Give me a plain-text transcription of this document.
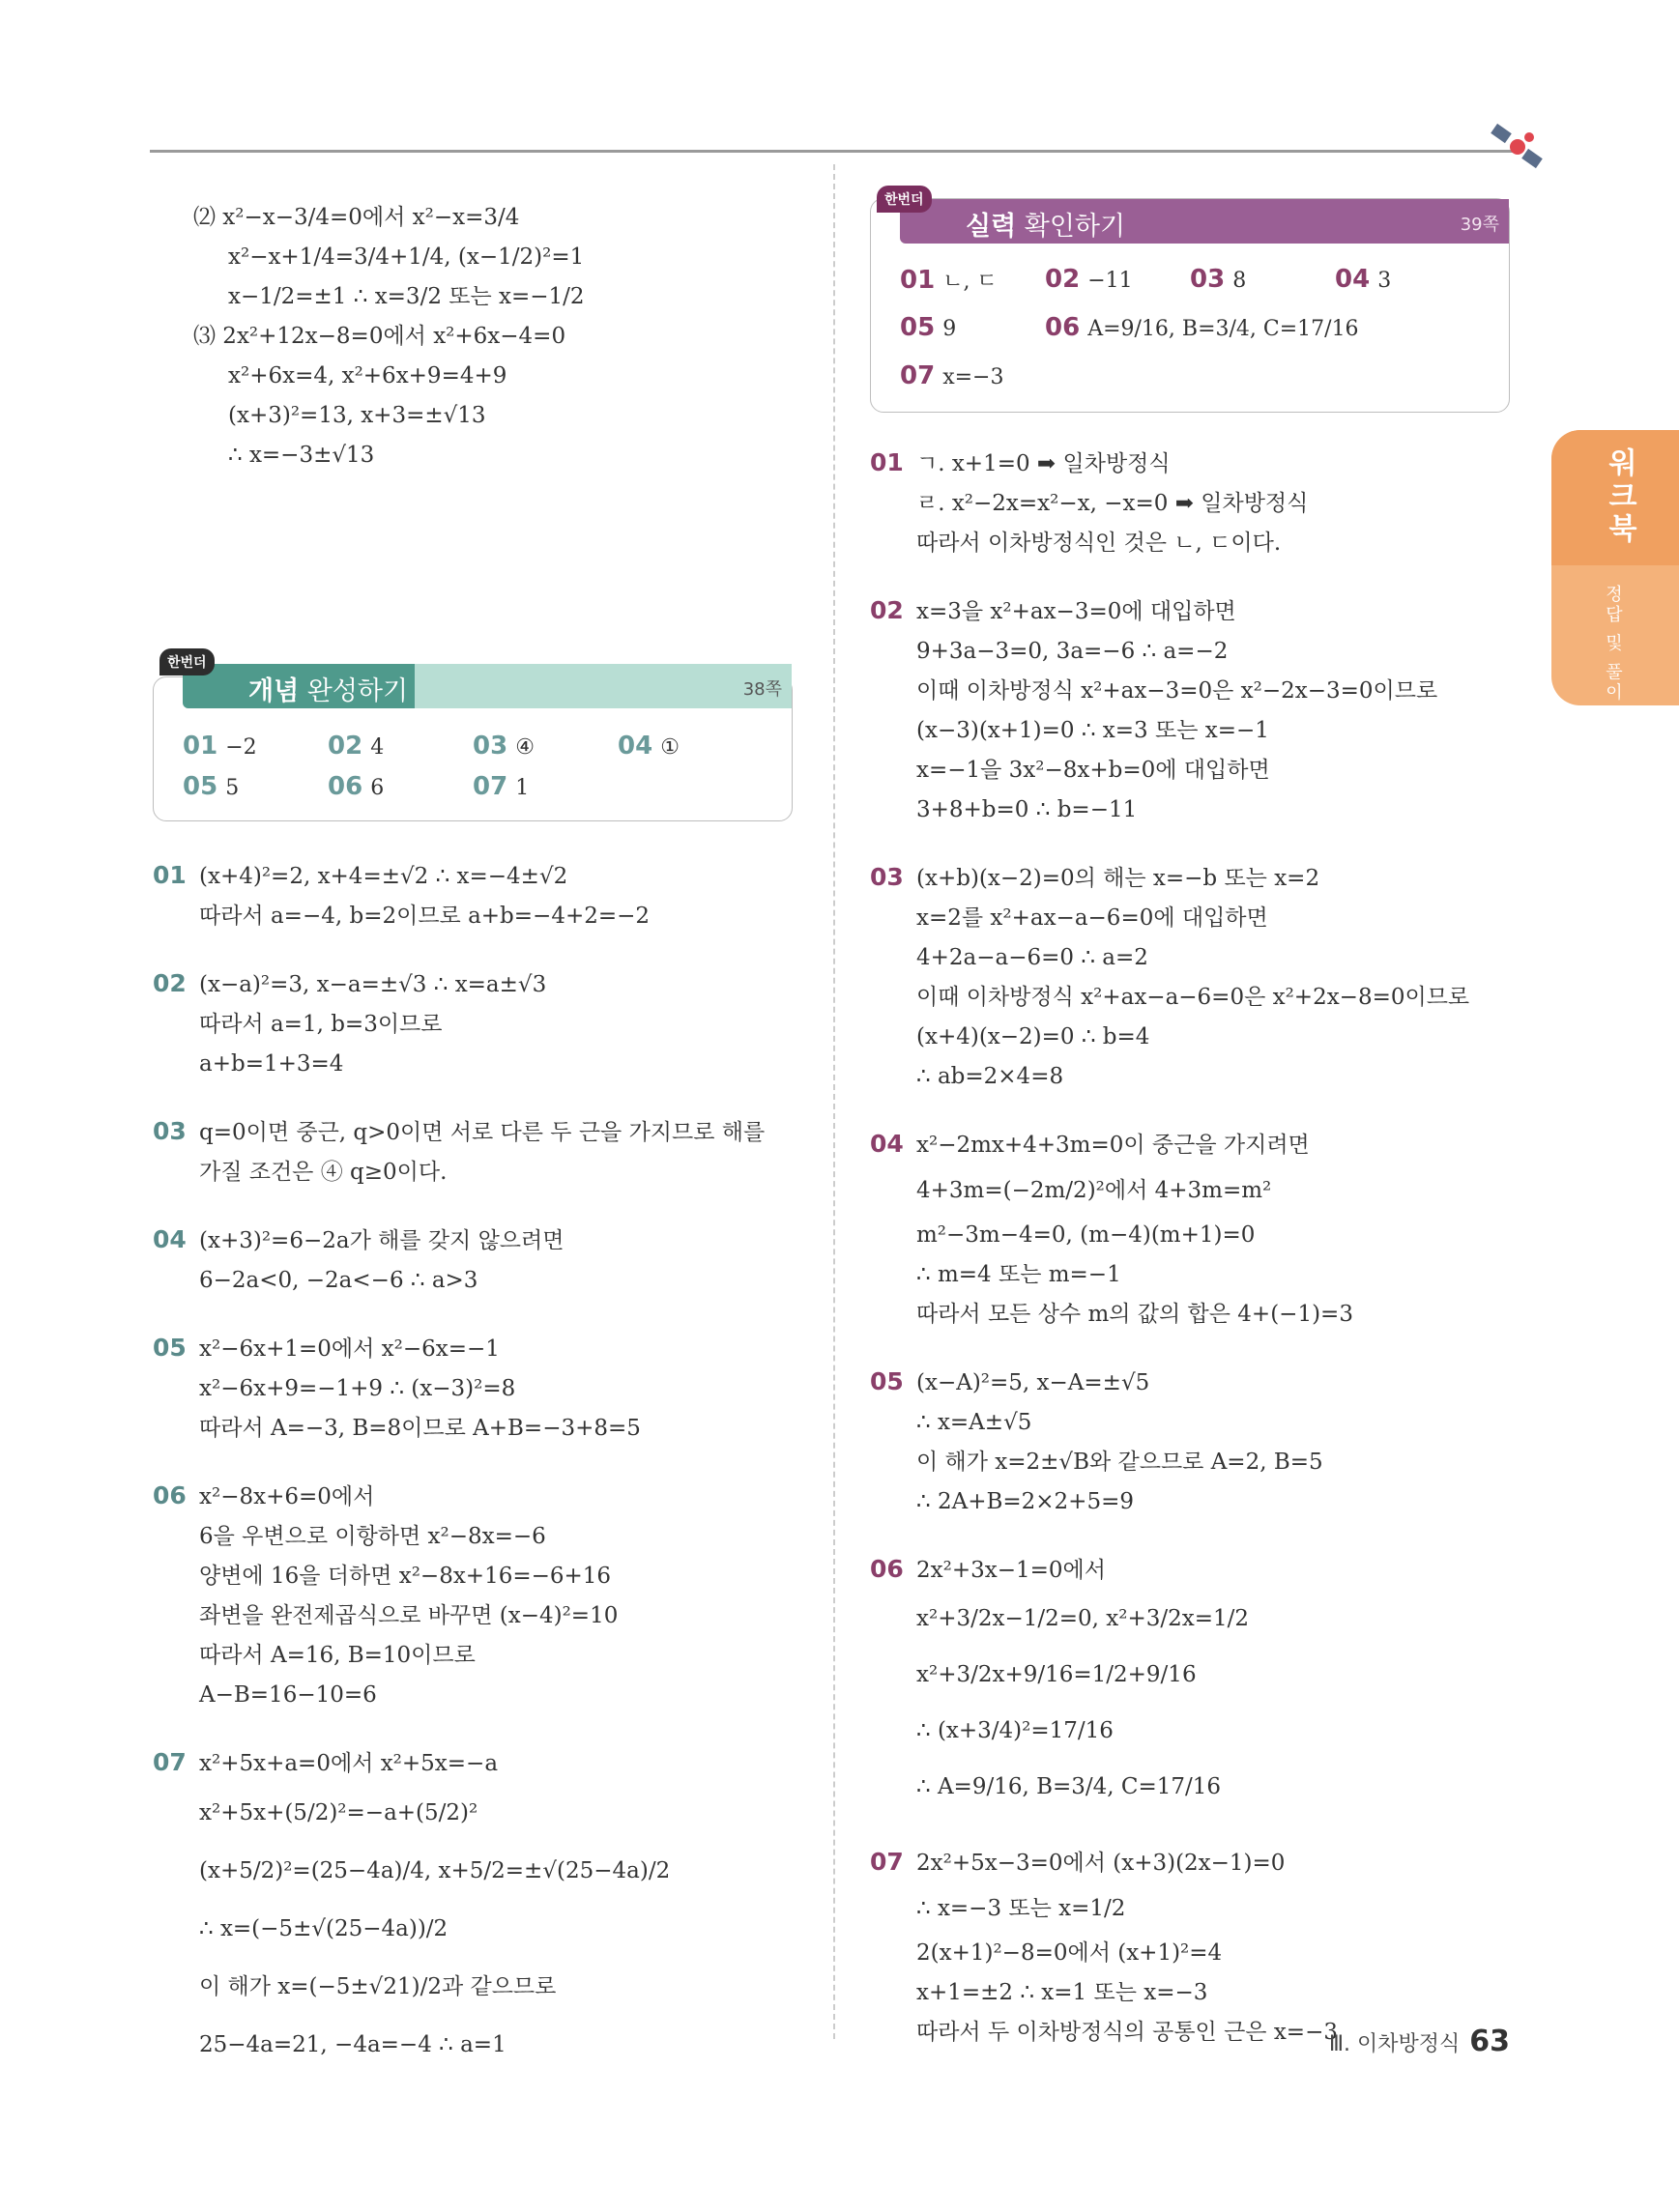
⑵ x²−x−3/4=0에서 x²−x=3/4
x²−x+1/4=3/4+1/4, (x−1/2)²=1
x−1/2=±1 ∴ x=3/2 또는 x=−1/2
⑶ 2x²+12x−8=0에서 x²+6x−4=0
x²+6x=4, x²+6x+9=4+9
(x+3)²=13, x+3=±√13
∴ x=−3±√13
개념 완성하기	38쪽
한번더
01 −2	02 4	03 ④	04 ①
05 5	06 6	07 1
실력 확인하기	39쪽
한번더
01 ㄴ, ㄷ 02 −11 03 8	04 3
05 9	06 A=9/16, B=3/4, C=17/16
07 x=−3
01 (x+4)²=2, x+4=±√2 ∴ x=−4±√2
따라서 a=−4, b=2이므로 a+b=−4+2=−2
02 (x−a)²=3, x−a=±√3 ∴ x=a±√3
따라서 a=1, b=3이므로
a+b=1+3=4
03 q=0이면 중근, q>0이면 서로 다른 두 근을 가지므로 해를
가질 조건은 ④ q≥0이다.
04 (x+3)²=6−2a가 해를 갖지 않으려면
6−2a<0, −2a<−6 ∴ a>3
05 x²−6x+1=0에서 x²−6x=−1
x²−6x+9=−1+9 ∴ (x−3)²=8
따라서 A=−3, B=8이므로 A+B=−3+8=5
06 x²−8x+6=0에서
6을 우변으로 이항하면 x²−8x=−6
양변에 16을 더하면 x²−8x+16=−6+16
좌변을 완전제곱식으로 바꾸면 (x−4)²=10
따라서 A=16, B=10이므로
A−B=16−10=6
07 x²+5x+a=0에서 x²+5x=−a
x²+5x+(5/2)²=−a+(5/2)²
(x+5/2)²=(25−4a)/4, x+5/2=±√(25−4a)/2
∴ x=(−5±√(25−4a))/2
이 해가 x=(−5±√21)/2과 같으므로
25−4a=21, −4a=−4 ∴ a=1
01 ㄱ. x+1=0 ➡ 일차방정식
ㄹ. x²−2x=x²−x, −x=0 ➡ 일차방정식
따라서 이차방정식인 것은 ㄴ, ㄷ이다.
02 x=3을 x²+ax−3=0에 대입하면
9+3a−3=0, 3a=−6 ∴ a=−2
이때 이차방정식 x²+ax−3=0은 x²−2x−3=0이므로
(x−3)(x+1)=0 ∴ x=3 또는 x=−1
x=−1을 3x²−8x+b=0에 대입하면
3+8+b=0 ∴ b=−11
03 (x+b)(x−2)=0의 해는 x=−b 또는 x=2
x=2를 x²+ax−a−6=0에 대입하면
4+2a−a−6=0 ∴ a=2
이때 이차방정식 x²+ax−a−6=0은 x²+2x−8=0이므로
(x+4)(x−2)=0 ∴ b=4
∴ ab=2×4=8
04 x²−2mx+4+3m=0이 중근을 가지려면
4+3m=(−2m/2)²에서 4+3m=m²
m²−3m−4=0, (m−4)(m+1)=0
∴ m=4 또는 m=−1
따라서 모든 상수 m의 값의 합은 4+(−1)=3
05 (x−A)²=5, x−A=±√5
∴ x=A±√5
이 해가 x=2±√B와 같으므로 A=2, B=5
∴ 2A+B=2×2+5=9
06 2x²+3x−1=0에서
x²+3/2x−1/2=0, x²+3/2x=1/2
x²+3/2x+9/16=1/2+9/16
∴ (x+3/4)²=17/16
∴ A=9/16, B=3/4, C=17/16
07 2x²+5x−3=0에서 (x+3)(2x−1)=0
∴ x=−3 또는 x=1/2
2(x+1)²−8=0에서 (x+1)²=4
x+1=±2 ∴ x=1 또는 x=−3
따라서 두 이차방정식의 공통인 근은 x=−3
워크북
정답 및 풀이
Ⅲ. 이차방정식 63
